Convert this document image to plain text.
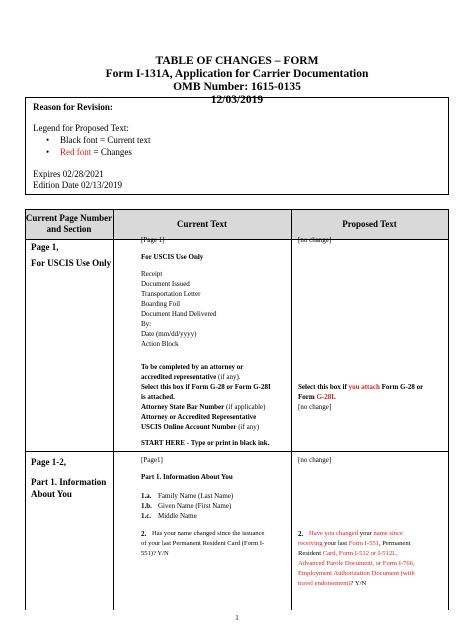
TABLE OF CHANGES – FORM
Form I-131A, Application for Carrier Documentation
OMB Number: 1615-0135
12/03/2019
Reason for Revision:
Legend for Proposed Text:
• Black font = Current text
• Red font = Changes
Expires 02/28/2021
Edition Date 02/13/2019
Current Page Number
and Section	Current Text	Proposed Text
Page 1,
For USCIS Use Only
[Page 1]
For USCIS Use Only
Receipt
Document Issued
Transportation Letter
Boarding Foil
Document Hand Delivered
By:
Date (mm/dd/yyyy)
Action Block
To be completed by an attorney or
accredited representative (if any).
Select this box if Form G-28 or Form G-28I
is attached.
Attorney State Bar Number (if applicable)
Attorney or Accredited Representative
USCIS Online Account Number (if any)
START HERE - Type or print in black ink.
[no change]
Select this box if you attach Form G-28 or
Form G-28I.
[no change]
Page 1-2,
Part 1. Information
About You
[Page1]
Part 1. Information About You
1.a. Family Name (Last Name)
1.b. Given Name (First Name)
1.c. Middle Name
2. Has your name changed since the issuance
of your last Permanent Resident Card (Form I-
551)? Y/N
[no change]
2. Have you changed your name since
receiving your last Form I-551, Permanent
Resident Card, Form I-512 or I-512L,
Advanced Parole Document, or Form I-766,
Employment Authorization Document (with
travel endorsement)? Y/N
1
